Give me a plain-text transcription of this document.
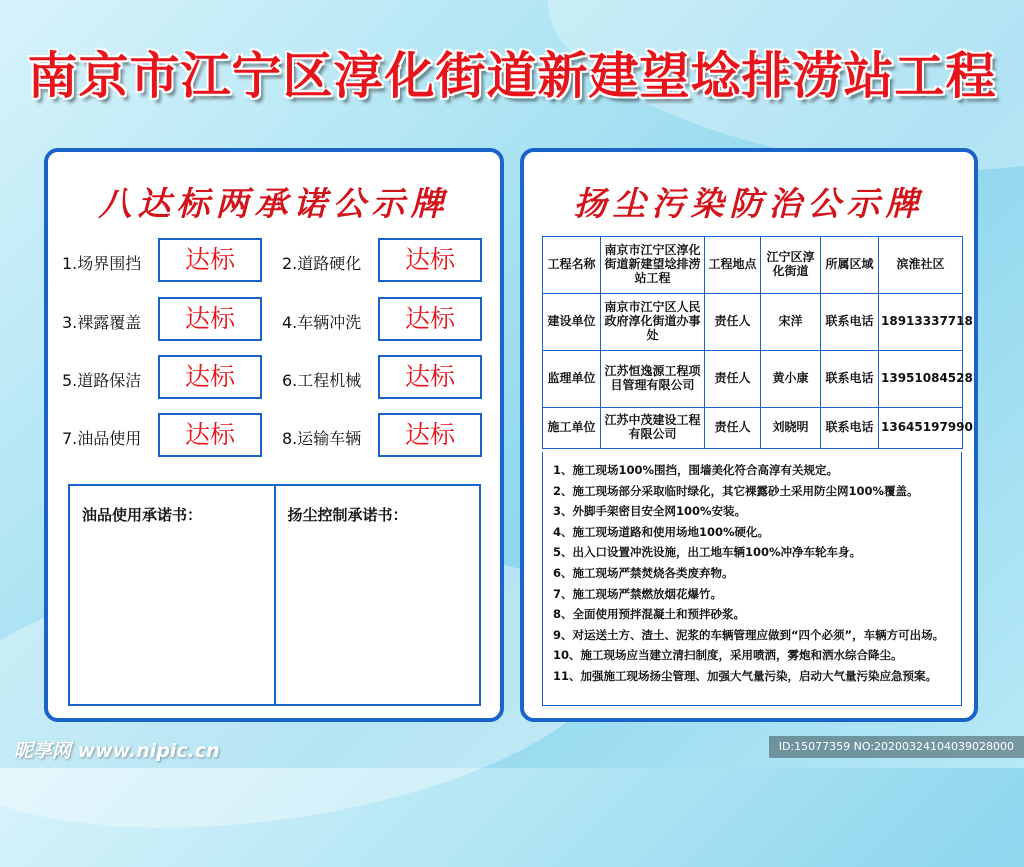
南京市江宁区淳化街道新建望埝排涝站工程
八达标两承诺公示牌
1.场界围挡	达标	2.道路硬化	达标
3.裸露覆盖	达标	4.车辆冲洗	达标
5.道路保洁	达标	6.工程机械	达标
7.油品使用	达标	8.运输车辆	达标
油品使用承诺书：	扬尘控制承诺书：
扬尘污染防治公示牌
工程名称	南京市江宁区淳化街道新建望埝排涝站工程	工程地点	江宁区淳化街道	所属区域	滨淮社区
建设单位	南京市江宁区人民政府淳化街道办事处	责任人	宋洋	联系电话	18913337718
监理单位	江苏恒逸源工程项目管理有限公司	责任人	黄小康	联系电话	13951084528
施工单位	江苏中茂建设工程有限公司	责任人	刘晓明	联系电话	13645197990
1、施工现场100%围挡，围墙美化符合高淳有关规定。
2、施工现场部分采取临时绿化，其它裸露砂土采用防尘网100%覆盖。
3、外脚手架密目安全网100%安装。
4、施工现场道路和使用场地100%硬化。
5、出入口设置冲洗设施，出工地车辆100%冲净车轮车身。
6、施工现场严禁焚烧各类废弃物。
7、施工现场严禁燃放烟花爆竹。
8、全面使用预拌混凝土和预拌砂浆。
9、对运送土方、渣土、泥浆的车辆管理应做到“四个必须”，车辆方可出场。
10、施工现场应当建立清扫制度，采用喷洒，雾炮和洒水综合降尘。
11、加强施工现场扬尘管理、加强大气量污染，启动大气量污染应急预案。
昵享网 www.nipic.cn	ID:15077359 NO:20200324104039028000
